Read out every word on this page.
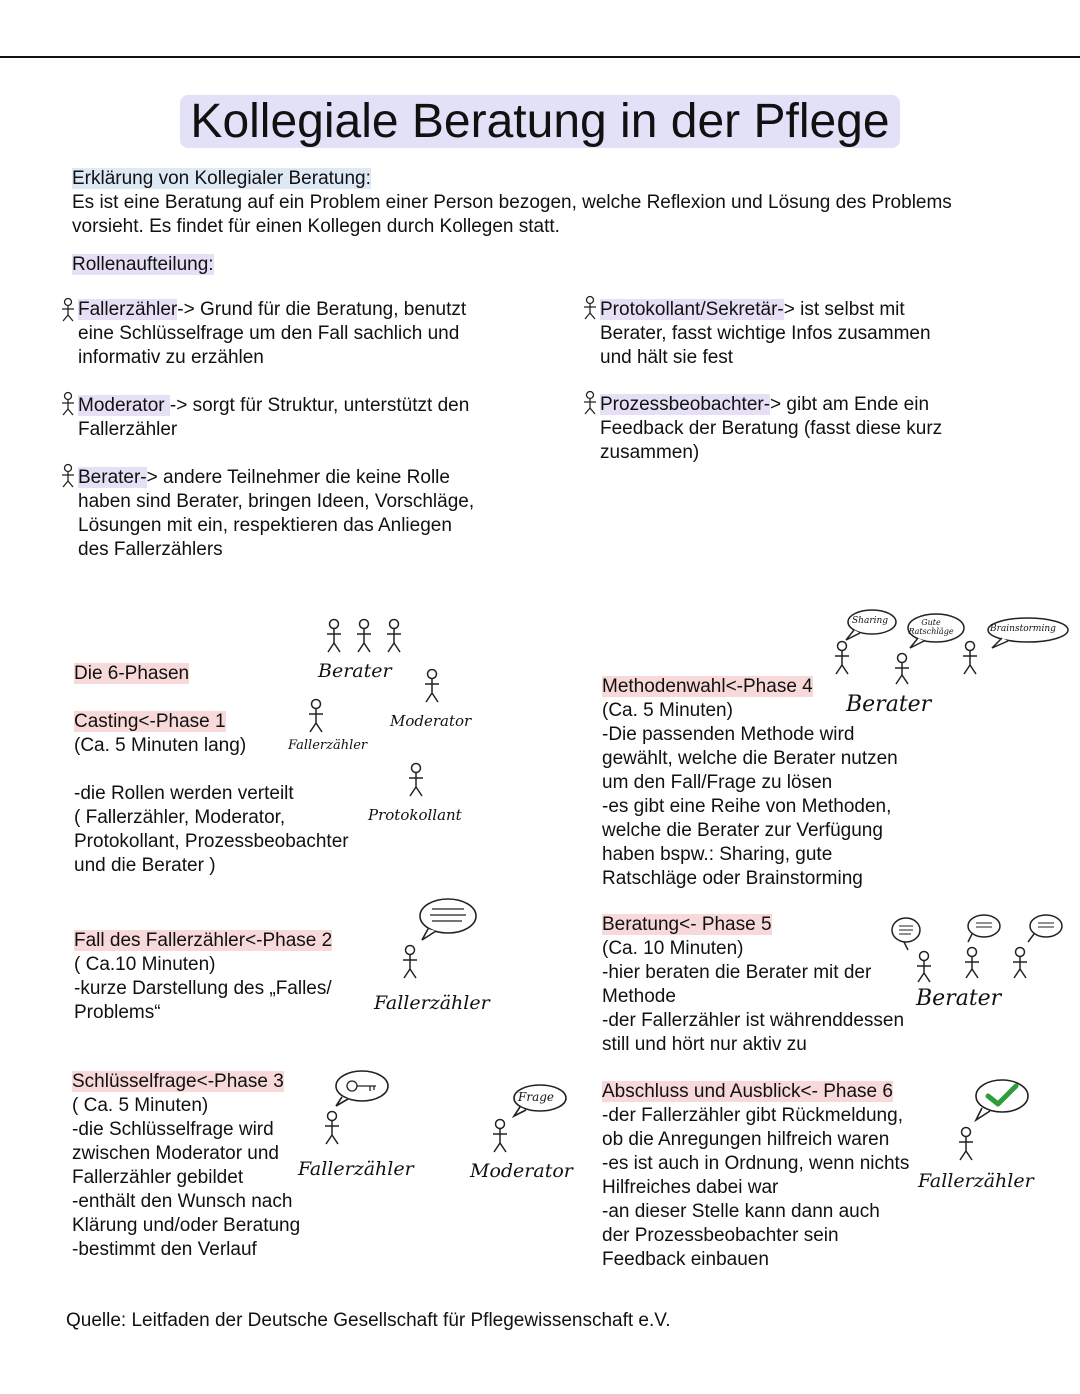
Kollegiale Beratung in der Pflege
Erklärung von Kollegialer Beratung:
Es ist eine Beratung auf ein Problem einer Person bezogen, welche Reflexion und Lösung des Problems
vorsieht. Es findet für einen Kollegen durch Kollegen statt.
Rollenaufteilung:
Fallerzähler-> Grund für die Beratung, benutzt
eine Schlüsselfrage um den Fall sachlich und
informativ zu erzählen
Moderator -> sorgt für Struktur, unterstützt den
Fallerzähler
Berater-> andere Teilnehmer die keine Rolle
haben sind Berater, bringen Ideen, Vorschläge,
Lösungen mit ein, respektieren das Anliegen
des Fallerzählers
Protokollant/Sekretär-> ist selbst mit
Berater, fasst wichtige Infos zusammen
und hält sie fest
Prozessbeobachter-> gibt am Ende ein
Feedback der Beratung (fasst diese kurz
zusammen)
Die 6-Phasen
Casting<-Phase 1
(Ca. 5 Minuten lang)

-die Rollen werden verteilt
( Fallerzähler, Moderator,
Protokollant, Prozessbeobachter
und die Berater )
Fall des Fallerzähler<-Phase 2
( Ca.10 Minuten)
-kurze Darstellung des „Falles/
Problems“
Schlüsselfrage<-Phase 3
( Ca. 5 Minuten)
-die Schlüsselfrage wird
zwischen Moderator und
Fallerzähler gebildet
-enthält den Wunsch nach
Klärung und/oder Beratung
-bestimmt den Verlauf
Methodenwahl<-Phase 4
(Ca. 5 Minuten)
-Die passenden Methode wird
gewählt, welche die Berater nutzen
um den Fall/Frage zu lösen
-es gibt eine Reihe von Methoden,
welche die Berater zur Verfügung
haben bspw.: Sharing, gute
Ratschläge oder Brainstorming
Beratung<- Phase 5
(Ca. 10 Minuten)
-hier beraten die Berater mit der
Methode
-der Fallerzähler ist währenddessen
still und hört nur aktiv zu
Abschluss und Ausblick<- Phase 6
-der Fallerzähler gibt Rückmeldung,
ob die Anregungen hilfreich waren
-es ist auch in Ordnung, wenn nichts
Hilfreiches dabei war
-an dieser Stelle kann dann auch
der Prozessbeobachter sein
Feedback einbauen
Berater
Moderator
Fallerzähler
Protokollant
Fallerzähler
Fallerzähler
Frage
Moderator
Sharing	Gute Ratschläge	Brainstorming
Berater
Berater
Fallerzähler
Quelle: Leitfaden der Deutsche Gesellschaft für Pflegewissenschaft e.V.
